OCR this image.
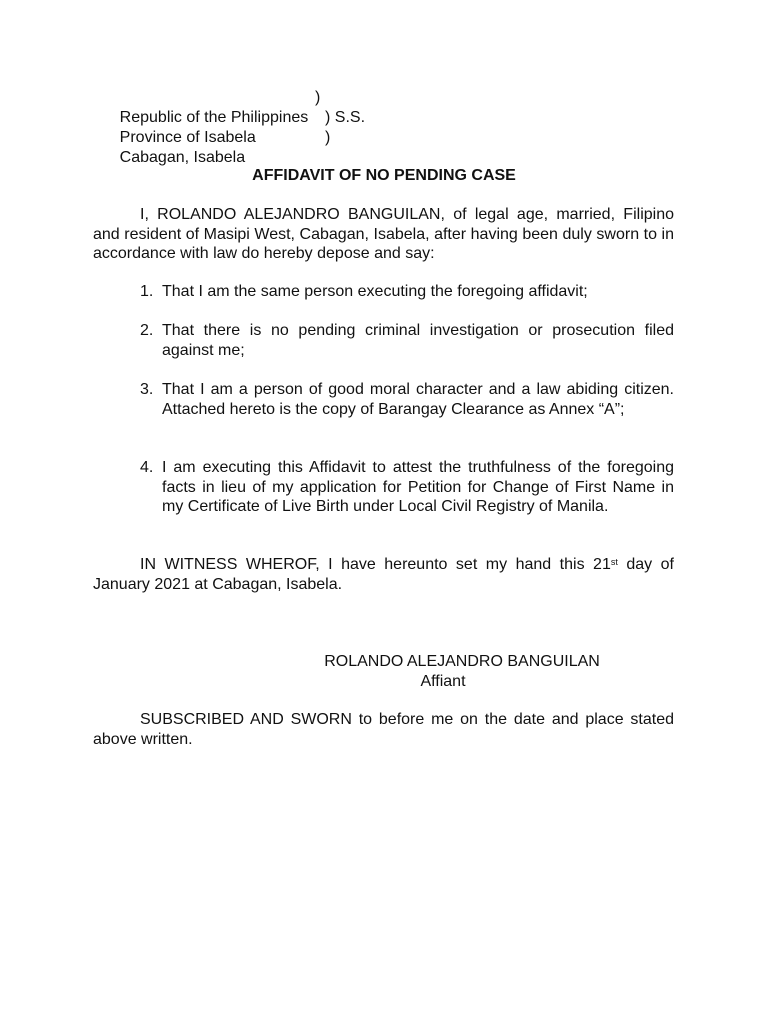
Republic of the Philippines

)

Province of Isabela

) S.S.

Cabagan, Isabela

)

AFFIDAVIT OF NO PENDING CASE
I, ROLANDO ALEJANDRO BANGUILAN, of legal age, married, Filipino and resident of Masipi West, Cabagan, Isabela, after having been duly sworn to in accordance with law do hereby depose and say:
1. That I am the same person executing the foregoing affidavit;
2. That there is no pending criminal investigation or prosecution filed against me;
3. That I am a person of good moral character and a law abiding citizen. Attached hereto is the copy of Barangay Clearance as Annex “A”;
4. I am executing this Affidavit to attest the truthfulness of the foregoing facts in lieu of my application for Petition for Change of First Name in my Certificate of Live Birth under Local Civil Registry of Manila.
IN WITNESS WHEROF, I have hereunto set my hand this 21st day of January 2021 at Cabagan, Isabela.
ROLANDO ALEJANDRO BANGUILAN
Affiant
SUBSCRIBED AND SWORN to before me on the date and place stated above written.
